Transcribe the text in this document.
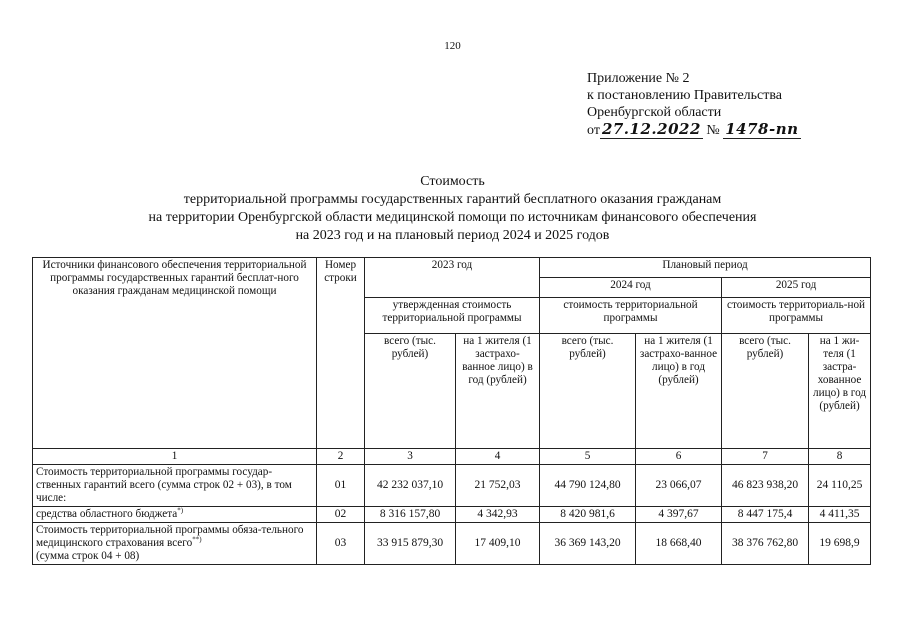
120
Приложение № 2
к постановлению Правительства
Оренбургской области
от 27.12.2022 № 1478-пп
Стоимость
территориальной программы государственных гарантий бесплатного оказания гражданам
на территории Оренбургской области медицинской помощи по источникам финансового обеспечения
на 2023 год и на плановый период 2024 и 2025 годов
Источники финансового обеспечения территориальной программы государственных гарантий бесплат-ного оказания гражданам медицинской помощи	Номер строки	2023 год		Плановый период			
				2024 год		2025 год	
		утвержденная стоимость территориальной программы		стоимость территориальной программы		стоимость территориаль-ной программы	
		всего (тыс. рублей)	на 1 жителя (1 застрахо-ванное лицо) в год (рублей)	всего (тыс. рублей)	на 1 жителя (1 застрахо-ванное лицо) в год (рублей)	всего (тыс. рублей)	на 1 жи-теля (1 застра-хованное лицо) в год (рублей)
1	2	3	4	5	6	7	8
Стоимость территориальной программы государ-ственных гарантий всего (сумма строк 02 + 03), в том числе:	01	42 232 037,10	21 752,03	44 790 124,80	23 066,07	46 823 938,20	24 110,25
средства областного бюджета*)	02	8 316 157,80	4 342,93	8 420 981,6	4 397,67	8 447 175,4	4 411,35
Стоимость территориальной программы обяза-тельного медицинского страхования всего**)
(сумма строк 04 + 08)	03	33 915 879,30	17 409,10	36 369 143,20	18 668,40	38 376 762,80	19 698,9
